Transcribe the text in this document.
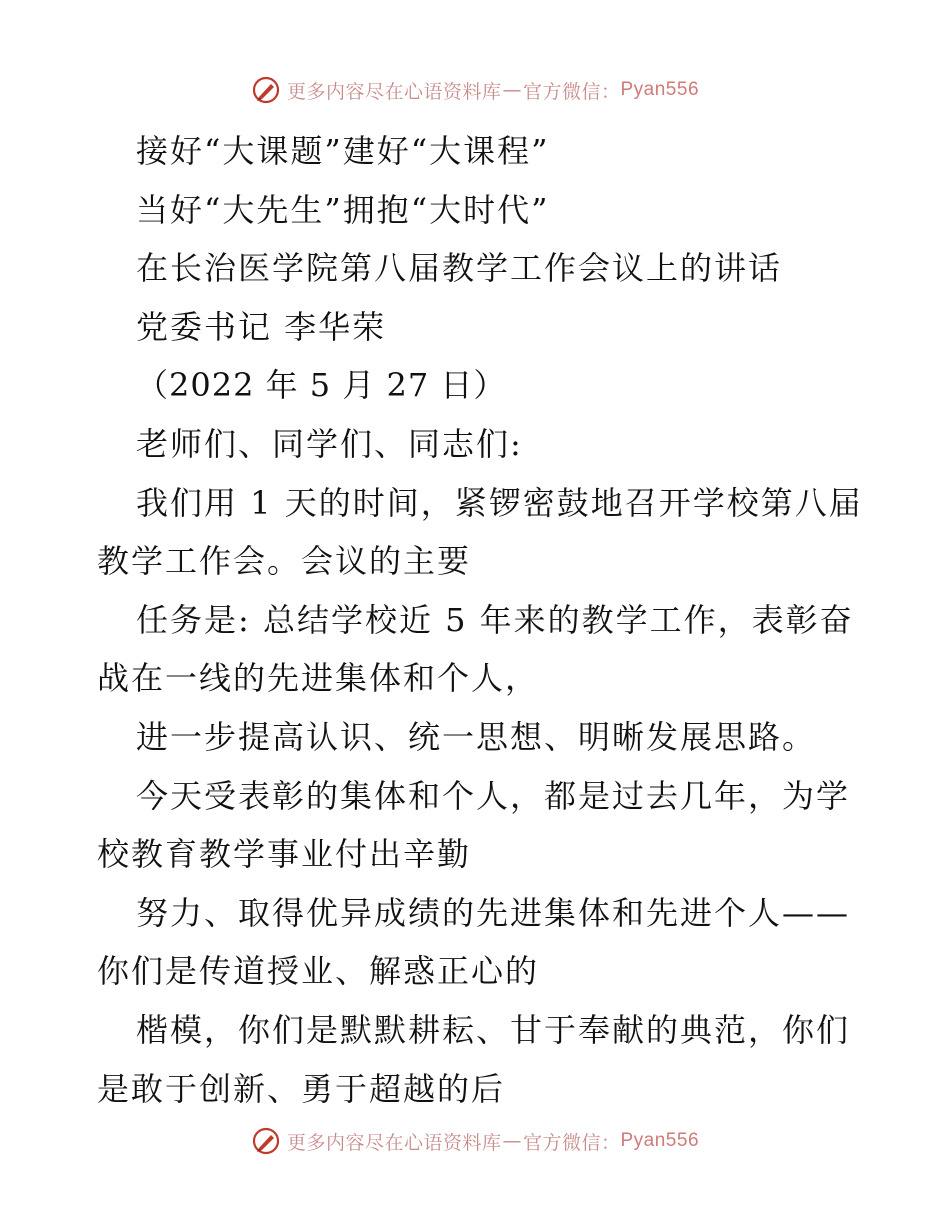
更多内容尽在心语资料库 — 官方微信： Pyan556
接好“大课题”建好“大课程”
当好“大先生”拥抱“大时代”
在长治医学院第八届教学工作会议上的讲话
党委书记 李华荣
（2022 年 5 月 27 日）
老师们、同学们、同志们:
我们用 1 天的时间，紧锣密鼓地召开学校第八届
教学工作会。会议的主要
任务是: 总结学校近 5 年来的教学工作，表彰奋
战在一线的先进集体和个人，
进一步提高认识、统一思想、明晰发展思路。
今天受表彰的集体和个人，都是过去几年，为学
校教育教学事业付出辛勤
努力、取得优异成绩的先进集体和先进个人——
你们是传道授业、解惑正心的
楷模，你们是默默耕耘、甘于奉献的典范，你们
是敢于创新、勇于超越的后
更多内容尽在心语资料库 — 官方微信： Pyan556
